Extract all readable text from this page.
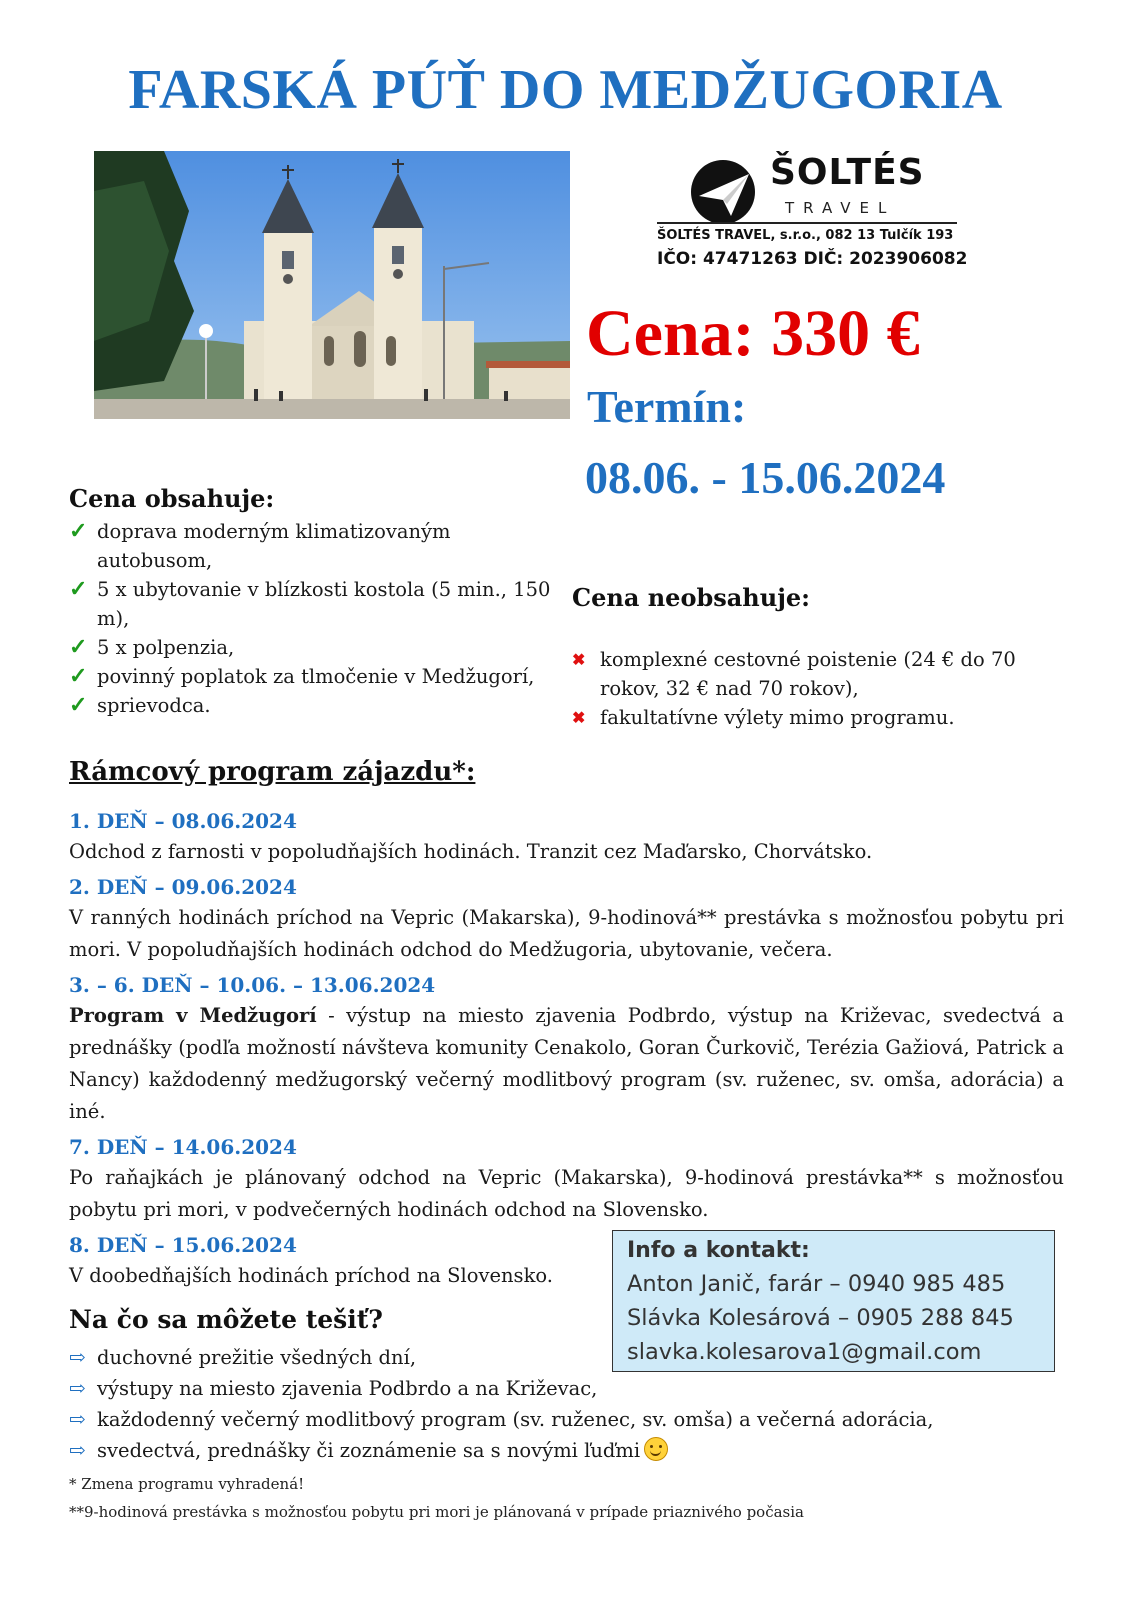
FARSKÁ PÚŤ DO MEDŽUGORIA
ŠOLTÉS
TRAVEL
ŠOLTÉS TRAVEL, s.r.o., 082 13 Tulčík 193
IČO: 47471263 DIČ: 2023906082
Cena: 330 €
Termín:
08.06. - 15.06.2024
Cena obsahuje:
✓ doprava moderným klimatizovaným autobusom,
✓ 5 x ubytovanie v blízkosti kostola (5 min., 150 m),
✓ 5 x polpenzia,
✓ povinný poplatok za tlmočenie v Medžugorí,
✓ sprievodca.
Cena neobsahuje:
✖ komplexné cestovné poistenie (24 € do 70 rokov, 32 € nad 70 rokov),
✖ fakultatívne výlety mimo programu.
Rámcový program zájazdu*:
1. DEŇ – 08.06.2024
Odchod z farnosti v popoludňajších hodinách. Tranzit cez Maďarsko, Chorvátsko.
2. DEŇ – 09.06.2024
V ranných hodinách príchod na Vepric (Makarska), 9-hodinová** prestávka s možnosťou pobytu pri mori. V popoludňajších hodinách odchod do Medžugoria, ubytovanie, večera.
3. – 6. DEŇ – 10.06. – 13.06.2024
Program v Medžugorí - výstup na miesto zjavenia Podbrdo, výstup na Križevac, svedectvá a prednášky (podľa možností návšteva komunity Cenakolo, Goran Čurkovič, Terézia Gažiová, Patrick a Nancy) každodenný medžugorský večerný modlitbový program (sv. ruženec, sv. omša, adorácia) a iné.
7. DEŇ – 14.06.2024
Po raňajkách je plánovaný odchod na Vepric (Makarska), 9-hodinová prestávka** s možnosťou pobytu pri mori, v podvečerných hodinách odchod na Slovensko.
8. DEŇ – 15.06.2024
V doobedňajších hodinách príchod na Slovensko.
Info a kontakt:
Anton Janič, farár – 0940 985 485
Slávka Kolesárová – 0905 288 845
slavka.kolesarova1@gmail.com
Na čo sa môžete tešiť?
⇨ duchovné prežitie všedných dní,
⇨ výstupy na miesto zjavenia Podbrdo a na Križevac,
⇨ každodenný večerný modlitbový program (sv. ruženec, sv. omša) a večerná adorácia,
⇨ svedectvá, prednášky či zoznámenie sa s novými ľuďmi
* Zmena programu vyhradená!
**9-hodinová prestávka s možnosťou pobytu pri mori je plánovaná v prípade priaznivého počasia
